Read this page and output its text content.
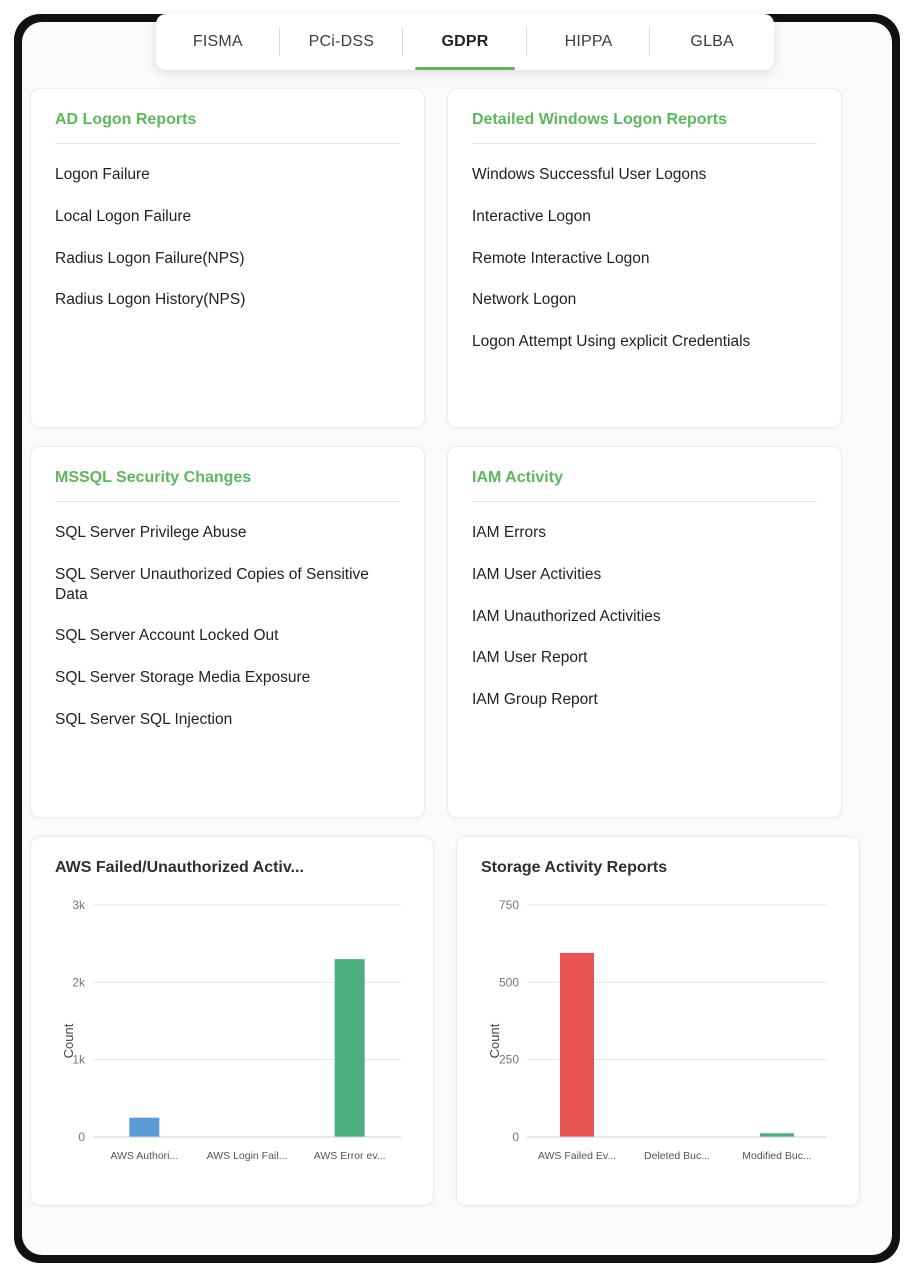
FISMA	PCi-DSS	GDPR	HIPPA	GLBA
AD Logon Reports
Logon Failure
Local Logon Failure
Radius Logon Failure(NPS)
Radius Logon History(NPS)
Detailed Windows Logon Reports
Windows Successful User Logons
Interactive Logon
Remote Interactive Logon
Network Logon
Logon Attempt Using explicit Credentials
MSSQL Security Changes
SQL Server Privilege Abuse
SQL Server Unauthorized Copies of Sensitive Data
SQL Server Account Locked Out
SQL Server Storage Media Exposure
SQL Server SQL Injection
IAM Activity
IAM Errors
IAM User Activities
IAM Unauthorized Activities
IAM User Report
IAM Group Report
AWS Failed/Unauthorized Activ...
Count
0
1k
2k
3k
AWS Authori...	AWS Login Fail...	AWS Error ev...
Storage Activity Reports
Count
0
250
500
750
AWS Failed Ev...	Deleted Buc...	Modified Buc...
